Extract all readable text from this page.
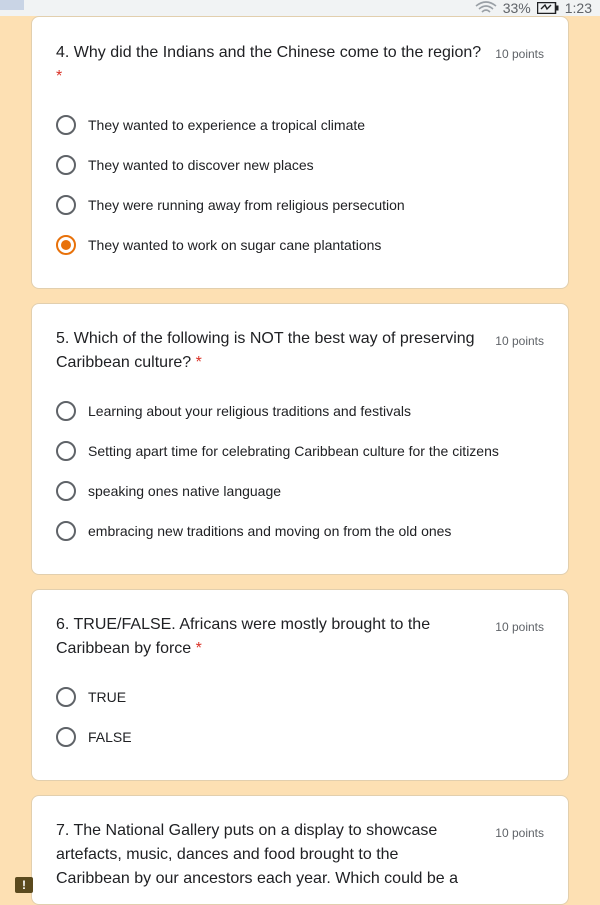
33% 1:23
4. Why did the Indians and the Chinese come to the region?
*
10 points
They wanted to experience a tropical climate
They wanted to discover new places
They were running away from religious persecution
They wanted to work on sugar cane plantations
5. Which of the following is NOT the best way of preserving Caribbean culture? *
10 points
Learning about your religious traditions and festivals
Setting apart time for celebrating Caribbean culture for the citizens
speaking ones native language
embracing new traditions and moving on from the old ones
6. TRUE/FALSE. Africans were mostly brought to the Caribbean by force *
10 points
TRUE
FALSE
7. The National Gallery puts on a display to showcase artefacts, music, dances and food brought to the Caribbean by our ancestors each year. Which could be a
10 points
!
